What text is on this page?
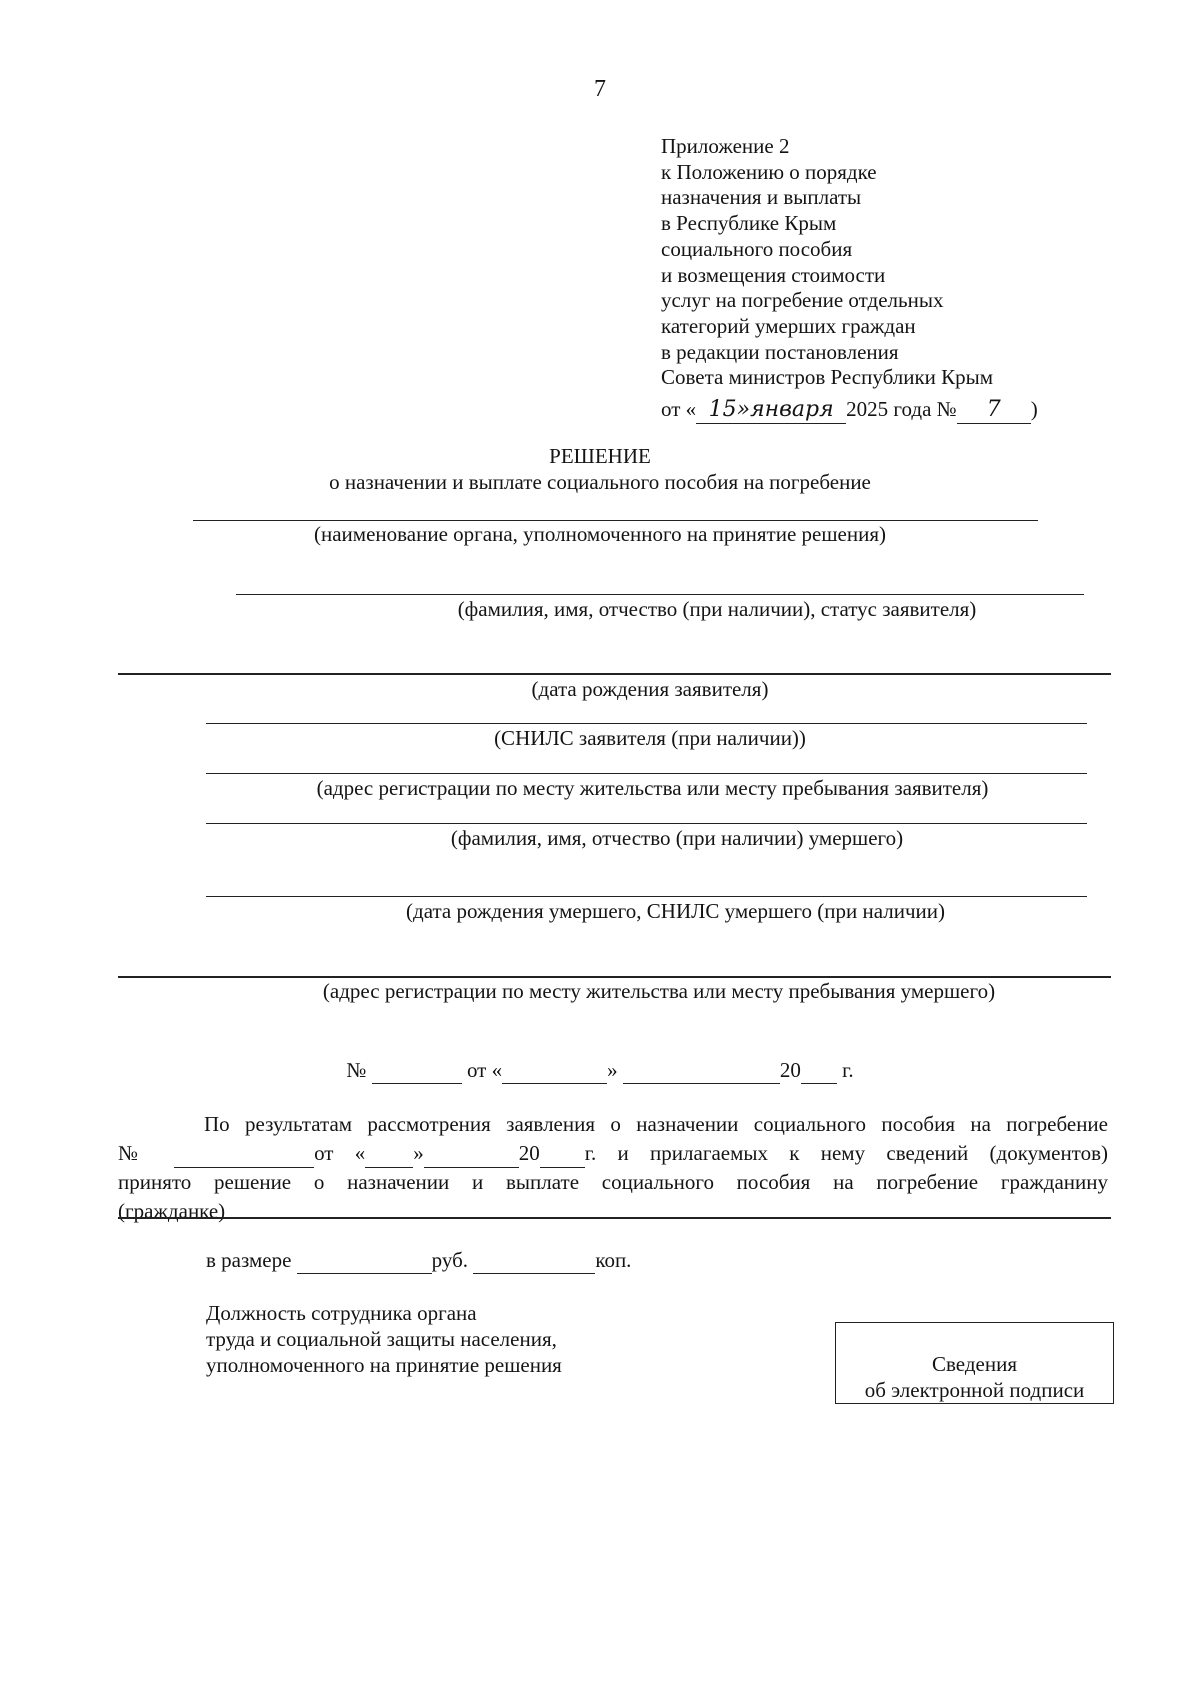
7
Приложение 2
к Положению о порядке
назначения и выплаты
в Республике Крым
социального пособия
и возмещения стоимости
услуг на погребение отдельных
категорий умерших граждан
в редакции постановления
Совета министров Республики Крым
от « 15»января 2025 года № 7 )
РЕШЕНИЕ
о назначении и выплате социального пособия на погребение
(наименование органа, уполномоченного на принятие решения)
(фамилия, имя, отчество (при наличии), статус заявителя)
(дата рождения заявителя)
(СНИЛС заявителя (при наличии))
(адрес регистрации по месту жительства или месту пребывания заявителя)
(фамилия, имя, отчество (при наличии) умершего)
(дата рождения умершего, СНИЛС умершего (при наличии)
(адрес регистрации по месту жительства или месту пребывания умершего)
№	от «	»	20 г.
По результатам рассмотрения заявления о назначении социального пособия на погребение
№	от « »	20 г. и прилагаемых к нему сведений (документов)
принято решение о назначении и выплате социального пособия на погребение гражданину
(гражданке)
в размере	руб.	коп.
Должность сотрудника органа
труда и социальной защиты населения,
уполномоченного на принятие решения	Сведения
об электронной подписи
